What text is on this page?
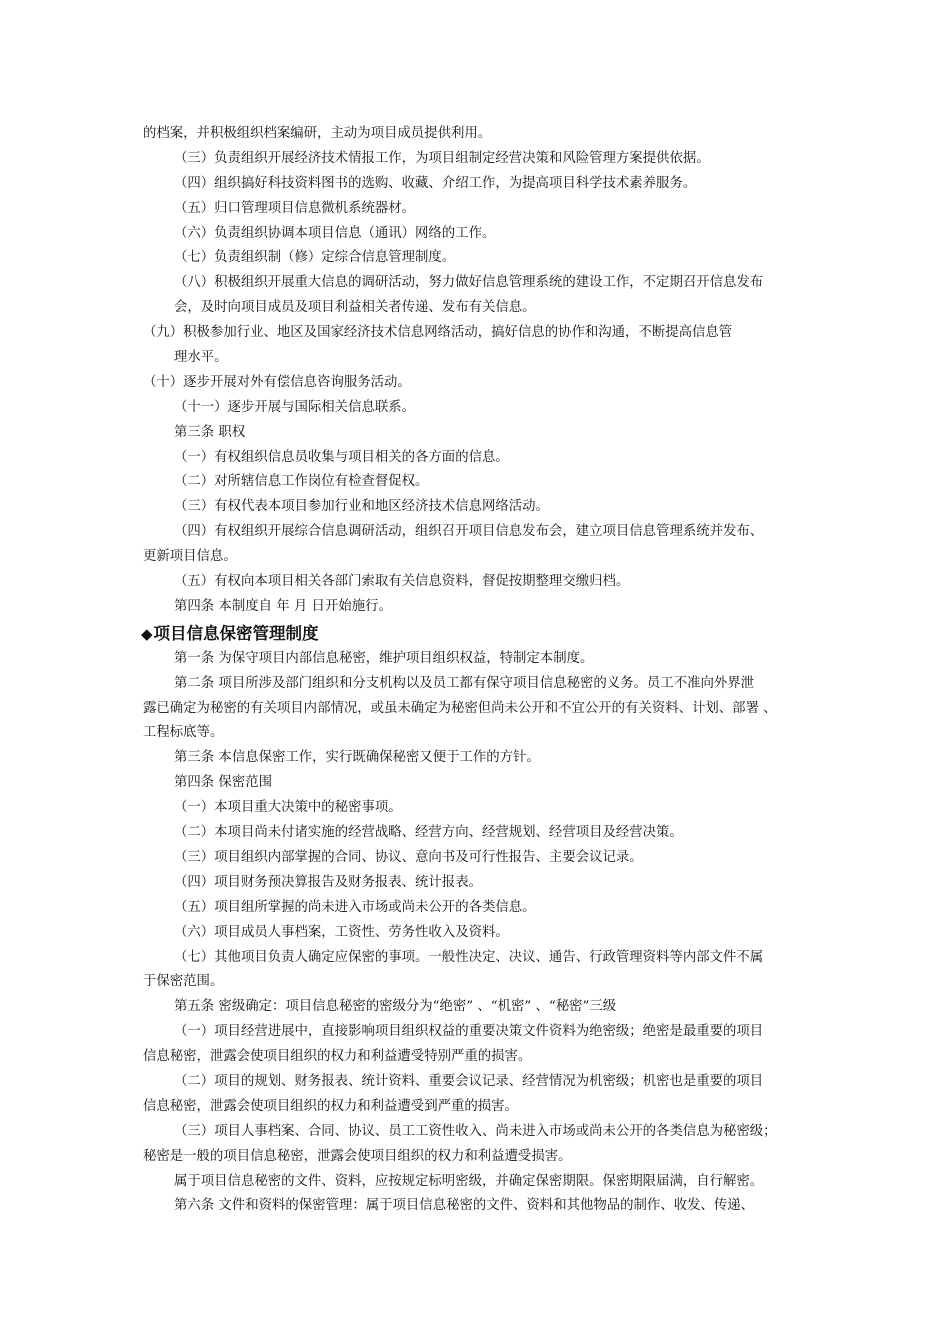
的档案，并积极组织档案编研，主动为项目成员提供利用。
（三）负责组织开展经济技术情报工作，为项目组制定经营决策和风险管理方案提供依据。
（四）组织搞好科技资料图书的选购、收藏、介绍工作，为提高项目科学技术素养服务。
（五）归口管理项目信息微机系统器材。
（六）负责组织协调本项目信息（通讯）网络的工作。
（七）负责组织制（修）定综合信息管理制度。
（八）积极组织开展重大信息的调研活动，努力做好信息管理系统的建设工作，不定期召开信息发布
会，及时向项目成员及项目利益相关者传递、发布有关信息。
（九）积极参加行业、地区及国家经济技术信息网络活动，搞好信息的协作和沟通，不断提高信息管
理水平。
（十）逐步开展对外有偿信息咨询服务活动。
（十一）逐步开展与国际相关信息联系。
第三条 职权
（一）有权组织信息员收集与项目相关的各方面的信息。
（二）对所辖信息工作岗位有检查督促权。
（三）有权代表本项目参加行业和地区经济技术信息网络活动。
（四）有权组织开展综合信息调研活动，组织召开项目信息发布会，建立项目信息管理系统并发布、
更新项目信息。
（五）有权向本项目相关各部门索取有关信息资料，督促按期整理交缴归档。
第四条 本制度自 年 月 日开始施行。
◆项目信息保密管理制度
第一条 为保守项目内部信息秘密，维护项目组织权益，特制定本制度。
第二条 项目所涉及部门组织和分支机构以及员工都有保守项目信息秘密的义务。员工不准向外界泄
露已确定为秘密的有关项目内部情况，或虽未确定为秘密但尚未公开和不宜公开的有关资料、计划、部署 、
工程标底等。
第三条 本信息保密工作，实行既确保秘密又便于工作的方针。
第四条 保密范围
（一）本项目重大决策中的秘密事项。
（二）本项目尚未付诸实施的经营战略、经营方向、经营规划、经营项目及经营决策。
（三）项目组织内部掌握的合同、协议、意向书及可行性报告、主要会议记录。
（四）项目财务预决算报告及财务报表、统计报表。
（五）项目组所掌握的尚未进入市场或尚未公开的各类信息。
（六）项目成员人事档案，工资性、劳务性收入及资料。
（七）其他项目负责人确定应保密的事项。一般性决定、决议、通告、行政管理资料等内部文件不属
于保密范围。
第五条 密级确定：项目信息秘密的密级分为“绝密” 、“机密” 、“秘密”三级
（一）项目经营进展中，直接影响项目组织权益的重要决策文件资料为绝密级；绝密是最重要的项目
信息秘密，泄露会使项目组织的权力和利益遭受特别严重的损害。
（二）项目的规划、财务报表、统计资料、重要会议记录、经营情况为机密级；机密也是重要的项目
信息秘密，泄露会使项目组织的权力和利益遭受到严重的损害。
（三）项目人事档案、合同、协议、员工工资性收入、尚未进入市场或尚未公开的各类信息为秘密级；
秘密是一般的项目信息秘密，泄露会使项目组织的权力和利益遭受损害。
属于项目信息秘密的文件、资料，应按规定标明密级，并确定保密期限。保密期限届满，自行解密。
第六条 文件和资料的保密管理：属于项目信息秘密的文件、资料和其他物品的制作、收发、传递、
